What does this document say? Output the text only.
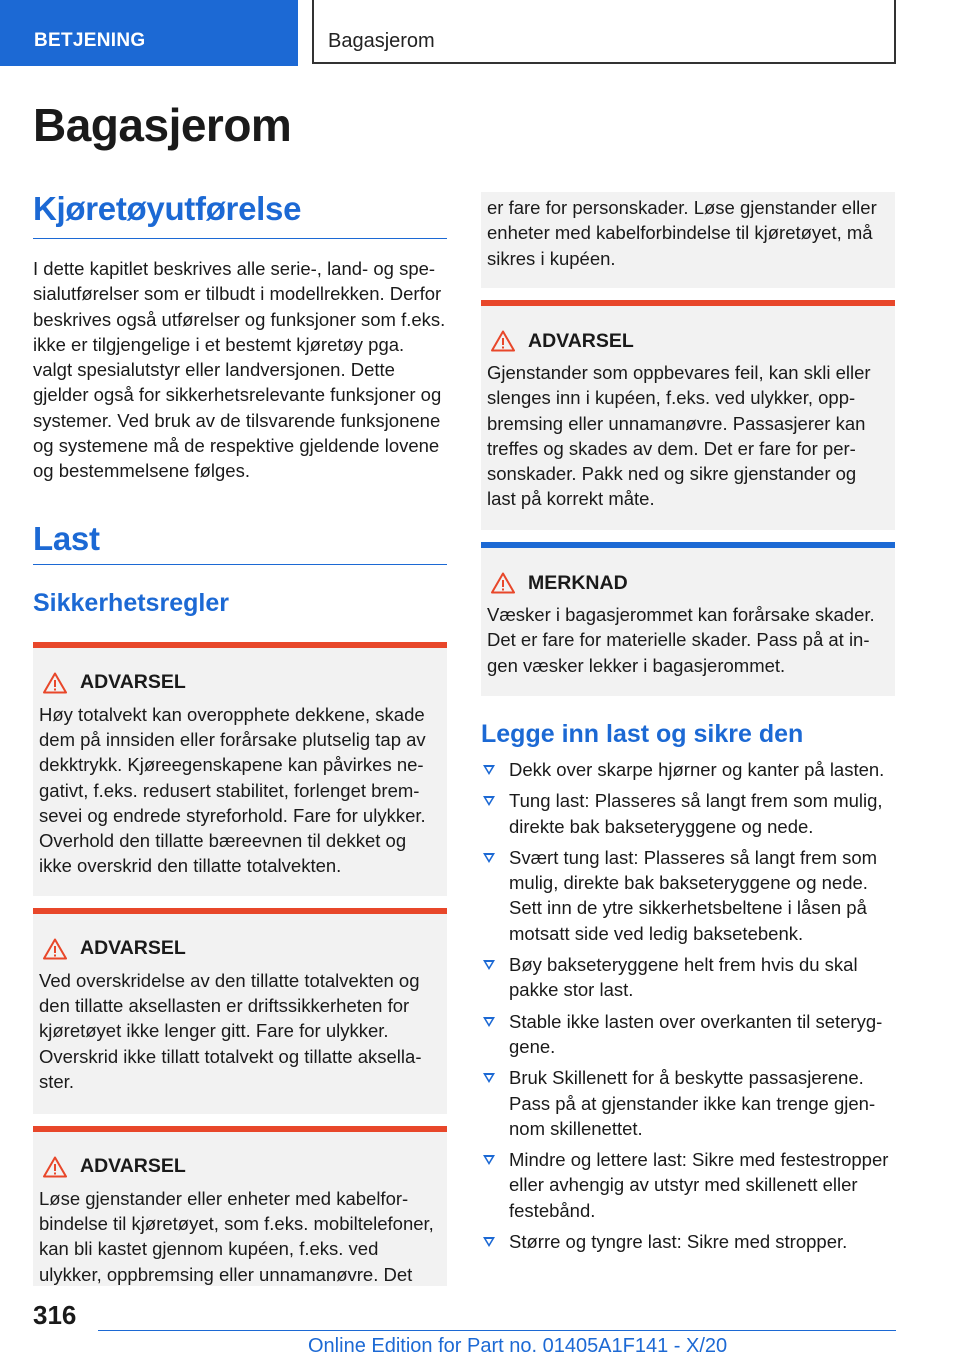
BETJENING	Bagasjerom
Bagasjerom
Kjøretøyutførelse

I dette kapitlet beskrives alle serie-, land- og spesialutførelser som er tilbudt i modellrekken. Derfor beskrives også utførelser og funksjoner som f.eks. ikke er tilgjengelige i et bestemt kjøretøy pga. valgt spesialutstyr eller landversjonen. Dette gjelder også for sikkerhetsrelevante funksjoner og systemer. Ved bruk av de tilsvarende funksjonene og systemene må de respektive gjeldende lovene og bestemmelsene følges.

Last
Sikkerhetsregler
ADVARSEL

Høy totalvekt kan overopphete dekkene, skade dem på innsiden eller forårsake plutselig tap av dekktrykk. Kjøreegenskapene kan påvirkes negativt, f.eks. redusert stabilitet, forlenget bremsevei og endrede styreforhold. Fare for ulykker. Overhold den tillatte bæreevnen til dekket og ikke overskrid den tillatte totalvekten.

ADVARSEL

Ved overskridelse av den tillatte totalvekten og den tillatte aksellasten er driftssikkerheten for kjøretøyet ikke lenger gitt. Fare for ulykker. Overskrid ikke tillatt totalvekt og tillatte aksellaster.

ADVARSEL

Løse gjenstander eller enheter med kabelforbindelse til kjøretøyet, som f.eks. mobiltelefoner, kan bli kastet gjennom kupéen, f.eks. ved ulykker, oppbremsing eller unnamanøvre. Det

er fare for personskader. Løse gjenstander eller enheter med kabelforbindelse til kjøretøyet, må sikres i kupéen.

ADVARSEL

Gjenstander som oppbevares feil, kan skli eller slenges inn i kupéen, f.eks. ved ulykker, oppbremsing eller unnamanøvre. Passasjerer kan treffes og skades av dem. Det er fare for personskader. Pakk ned og sikre gjenstander og last på korrekt måte.

MERKNAD

Væsker i bagasjerommet kan forårsake skader. Det er fare for materielle skader. Pass på at ingen væsker lekker i bagasjerommet.

Legge inn last og sikre den
Dekk over skarpe hjørner og kanter på lasten.
Tung last: Plasseres så langt frem som mulig, direkte bak bakseteryggene og nede.
Svært tung last: Plasseres så langt frem som mulig, direkte bak bakseteryggene og nede. Sett inn de ytre sikkerhetsbeltene i låsen på motsatt side ved ledig baksetebenk.
Bøy bakseteryggene helt frem hvis du skal pakke stor last.
Stable ikke lasten over overkanten til seteryggene.
Bruk Skillenett for å beskytte passasjerene. Pass på at gjenstander ikke kan trenge gjennom skillenettet.
Mindre og lettere last: Sikre med festestropper eller avhengig av utstyr med skillenett eller festebånd.
Større og tyngre last: Sikre med stropper.
316
Online Edition for Part no. 01405A1F141 - X/20
